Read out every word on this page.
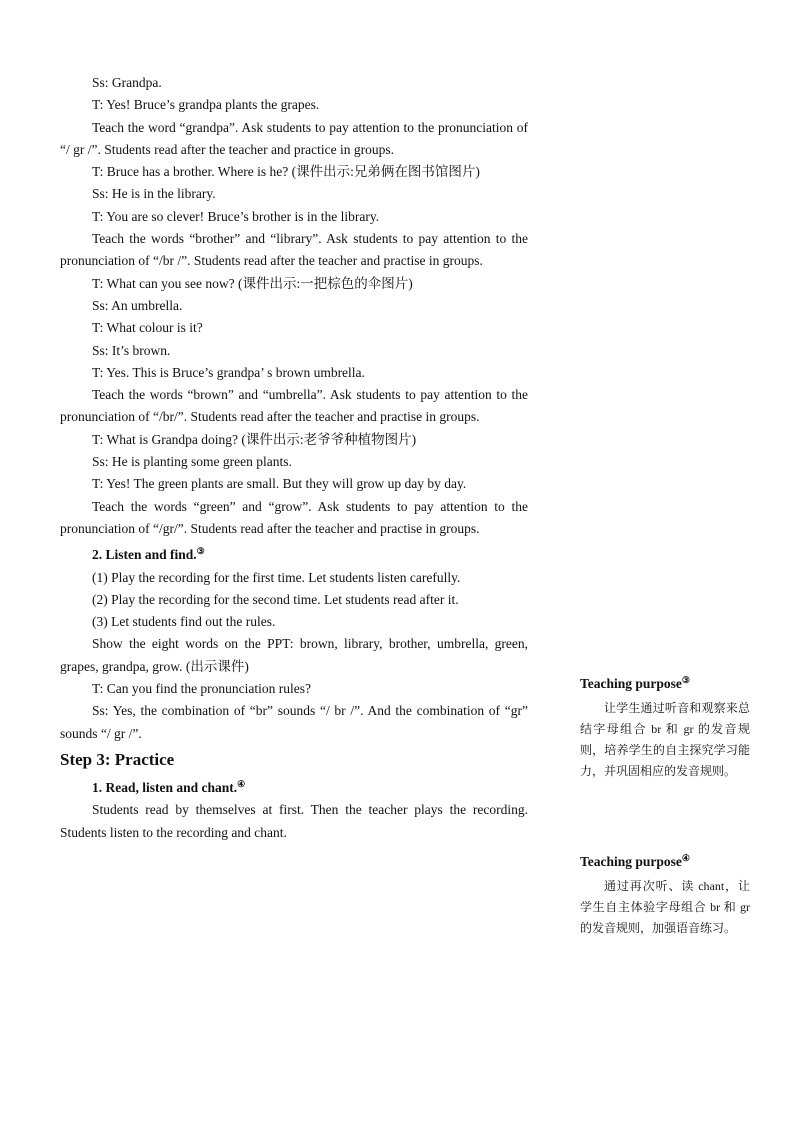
Ss: Grandpa.
T: Yes! Bruce’s grandpa plants the grapes.
Teach the word “grandpa”. Ask students to pay attention to the pronunciation of “/ gr /”. Students read after the teacher and practice in groups.
T: Bruce has a brother. Where is he? (课件出示:兄弟俩在图书馆图片)
Ss: He is in the library.
T: You are so clever! Bruce’s brother is in the library.
Teach the words “brother” and “library”. Ask students to pay attention to the pronunciation of “/br /”. Students read after the teacher and practise in groups.
T: What can you see now? (课件出示:一把棕色的伞图片)
Ss: An umbrella.
T: What colour is it?
Ss: It’s brown.
T: Yes. This is Bruce’s grandpa’ s brown umbrella.
Teach the words “brown” and “umbrella”. Ask students to pay attention to the pronunciation of “/br/”. Students read after the teacher and practise in groups.
T: What is Grandpa doing? (课件出示:老爷爷种植物图片)
Ss: He is planting some green plants.
T: Yes! The green plants are small. But they will grow up day by day.
Teach the words “green” and “grow”. Ask students to pay attention to the pronunciation of “/gr/”. Students read after the teacher and practise in groups.
2. Listen and find.③
(1) Play the recording for the first time. Let students listen carefully.
(2) Play the recording for the second time. Let students read after it.
(3) Let students find out the rules.
Show the eight words on the PPT: brown, library, brother, umbrella, green, grapes, grandpa, grow. (出示课件)
T: Can you find the pronunciation rules?
Ss: Yes, the combination of “br” sounds “/ br /”. And the combination of “gr” sounds “/ gr /”.
Step 3: Practice
1. Read, listen and chant.④
Students read by themselves at first. Then the teacher plays the recording. Students listen to the recording and chant.
Teaching purpose③
让学生通过听音和观察来总结字母组合 br 和 gr 的发音规则，培养学生的自主探究学习能力，并巩固相应的发音规则。
Teaching purpose④
通过再次听、读 chant，让学生自主体验字母组合 br 和 gr 的发音规则，加强语音练习。
